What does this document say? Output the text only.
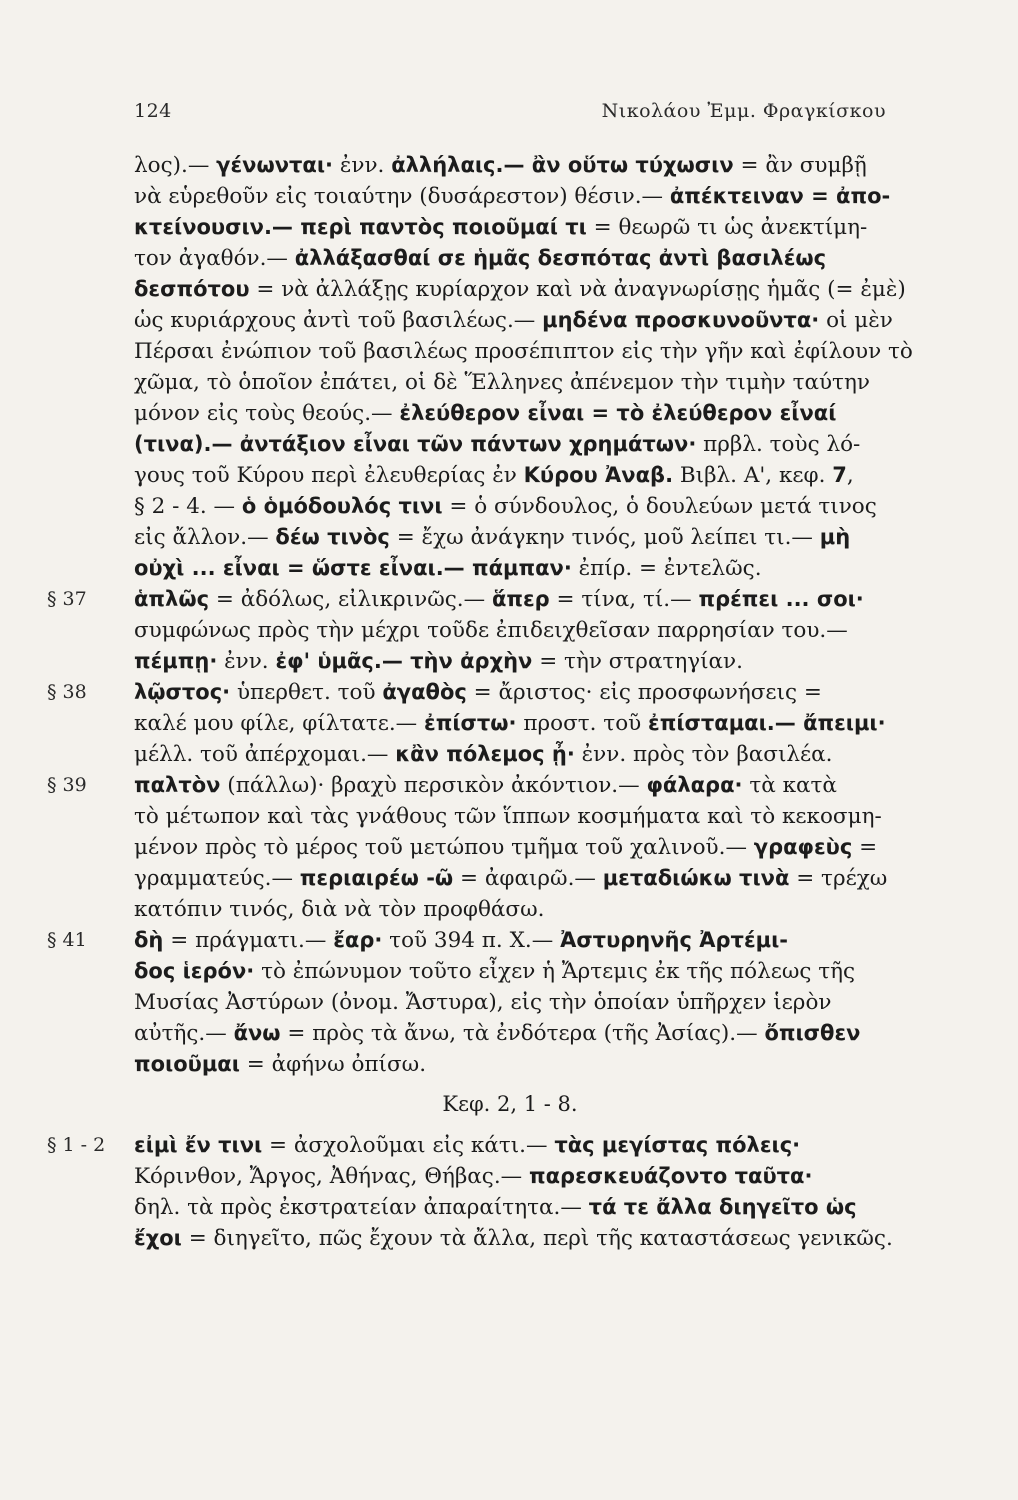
124	Νικολάου Ἐμμ. Φραγκίσκου
λος).— γένωνται· ἐνν. ἀλλήλαις.— ἂν οὕτω τύχωσιν = ἂν συμβῇ
νὰ εὑρεθοῦν εἰς τοιαύτην (δυσάρεστον) θέσιν.— ἀπέκτειναν = ἀπο-
κτείνουσιν.— περὶ παντὸς ποιοῦμαί τι = θεωρῶ τι ὡς ἀνεκτίμη-
τον ἀγαθόν.— ἀλλάξασθαί σε ἡμᾶς δεσπότας ἀντὶ βασιλέως
δεσπότου = νὰ ἀλλάξῃς κυρίαρχον καὶ νὰ ἀναγνωρίσῃς ἡμᾶς (= ἐμὲ)
ὡς κυριάρχους ἀντὶ τοῦ βασιλέως.— μηδένα προσκυνοῦντα· οἱ μὲν
Πέρσαι ἐνώπιον τοῦ βασιλέως προσέπιπτον εἰς τὴν γῆν καὶ ἐφίλουν τὸ
χῶμα, τὸ ὁποῖον ἐπάτει, οἱ δὲ Ἕλληνες ἀπένεμον τὴν τιμὴν ταύτην
μόνον εἰς τοὺς θεούς.— ἐλεύθερον εἶναι = τὸ ἐλεύθερον εἶναί
(τινα).— ἀντάξιον εἶναι τῶν πάντων χρημάτων· πρβλ. τοὺς λό-
γους τοῦ Κύρου περὶ ἐλευθερίας ἐν Κύρου Ἀναβ. Βιβλ. Α', κεφ. 7,
§ 2 - 4. — ὁ ὁμόδουλός τινι = ὁ σύνδουλος, ὁ δουλεύων μετά τινος
εἰς ἄλλον.— δέω τινὸς = ἔχω ἀνάγκην τινός, μοῦ λείπει τι.— μὴ
οὐχὶ ... εἶναι = ὥστε εἶναι.— πάμπαν· ἐπίρ. = ἐντελῶς.
ἁπλῶς = ἀδόλως, εἰλικρινῶς.— ἅπερ = τίνα, τί.— πρέπει ... σοι·
§ 37
συμφώνως πρὸς τὴν μέχρι τοῦδε ἐπιδειχθεῖσαν παρρησίαν του.—
πέμπῃ· ἐνν. ἐφ' ὑμᾶς.— τὴν ἀρχὴν = τὴν στρατηγίαν.
λῷστος· ὑπερθετ. τοῦ ἀγαθὸς = ἄριστος· εἰς προσφωνήσεις =
§ 38
καλέ μου φίλε, φίλτατε.— ἐπίστω· προστ. τοῦ ἐπίσταμαι.— ἄπειμι·
μέλλ. τοῦ ἀπέρχομαι.— κἂν πόλεμος ᾖ· ἐνν. πρὸς τὸν βασιλέα.
παλτὸν (πάλλω)· βραχὺ περσικὸν ἀκόντιον.— φάλαρα· τὰ κατὰ
§ 39
τὸ μέτωπον καὶ τὰς γνάθους τῶν ἵππων κοσμήματα καὶ τὸ κεκοσμη-
μένον πρὸς τὸ μέρος τοῦ μετώπου τμῆμα τοῦ χαλινοῦ.— γραφεὺς =
γραμματεύς.— περιαιρέω -ῶ = ἀφαιρῶ.— μεταδιώκω τινὰ = τρέχω
κατόπιν τινός, διὰ νὰ τὸν προφθάσω.
δὴ = πράγματι.— ἔαρ· τοῦ 394 π. Χ.— Ἀστυρηνῆς Ἀρτέμι-
§ 41
δος ἱερόν· τὸ ἐπώνυμον τοῦτο εἶχεν ἡ Ἄρτεμις ἐκ τῆς πόλεως τῆς
Μυσίας Ἀστύρων (ὀνομ. Ἄστυρα), εἰς τὴν ὁποίαν ὑπῆρχεν ἱερὸν
αὐτῆς.— ἄνω = πρὸς τὰ ἄνω, τὰ ἐνδότερα (τῆς Ἀσίας).— ὄπισθεν
ποιοῦμαι = ἀφήνω ὀπίσω.
Κεφ. 2, 1 - 8.
εἰμὶ ἔν τινι = ἀσχολοῦμαι εἰς κάτι.— τὰς μεγίστας πόλεις·
§ 1 - 2
Κόρινθον, Ἄργος, Ἀθήνας, Θήβας.— παρεσκευάζοντο ταῦτα·
δηλ. τὰ πρὸς ἐκστρατείαν ἀπαραίτητα.— τά τε ἄλλα διηγεῖτο ὡς
ἔχοι = διηγεῖτο, πῶς ἔχουν τὰ ἄλλα, περὶ τῆς καταστάσεως γενικῶς.
